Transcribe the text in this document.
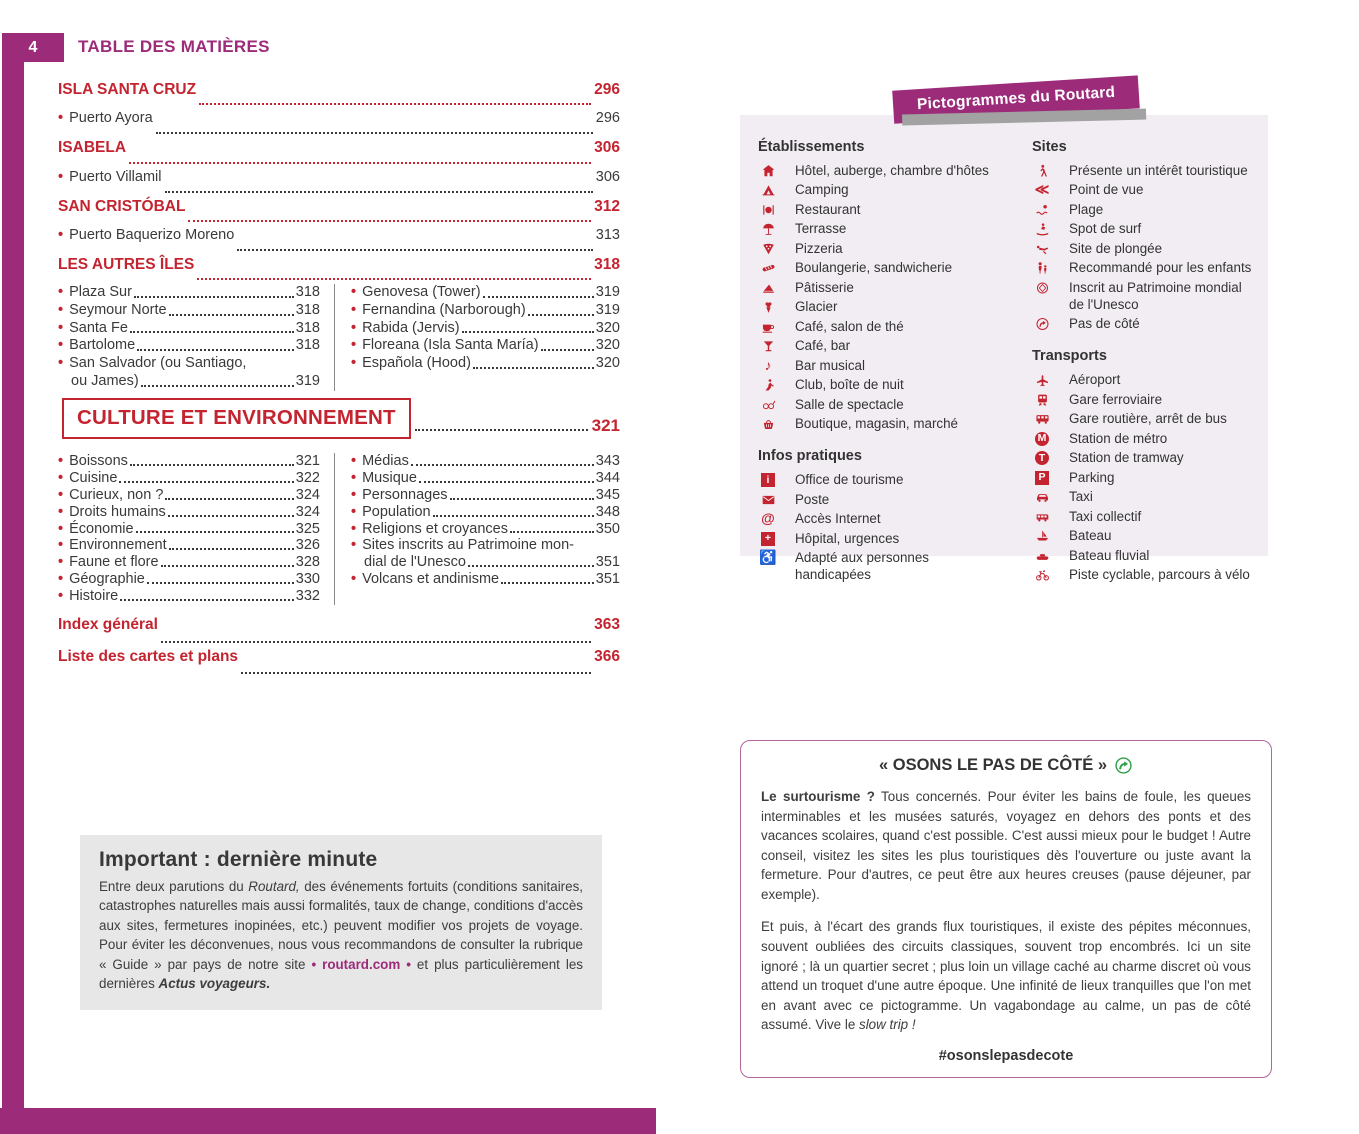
4	TABLE DES MATIÈRES
ISLA SANTA CRUZ	296
• Puerto Ayora	296
ISABELA	306
• Puerto Villamil	306
SAN CRISTÓBAL	312
• Puerto Baquerizo Moreno	313
LES AUTRES ÎLES	318
• Plaza Sur	318
• Seymour Norte	318
• Santa Fe	318
• Bartolome	318
• San Salvador (ou Santiago,
ou James)	319
• Genovesa (Tower)	319
• Fernandina (Narborough)	319
• Rabida (Jervis)	320
• Floreana (Isla Santa María)	320
• Española (Hood)	320
CULTURE ET ENVIRONNEMENT	321
• Boissons	321
• Cuisine	322
• Curieux, non ?	324
• Droits humains	324
• Économie	325
• Environnement	326
• Faune et flore	328
• Géographie	330
• Histoire	332
• Médias	343
• Musique	344
• Personnages	345
• Population	348
• Religions et croyances	350
• Sites inscrits au Patrimoine mon-
dial de l'Unesco	351
• Volcans et andinisme	351
Index général	363
Liste des cartes et plans	366
Important : dernière minute

Entre deux parutions du Routard, des événements fortuits (conditions sanitaires, catastrophes naturelles mais aussi formalités, taux de change, conditions d'accès aux sites, fermetures inopinées, etc.) peuvent modifier vos projets de voyage. Pour éviter les déconvenues, nous vous recommandons de consulter la rubrique « Guide » par pays de notre site • routard.com • et plus particulièrement les dernières Actus voyageurs.

Pictogrammes du Routard
Établissements
Hôtel, auberge, chambre d'hôtes
Camping
Restaurant
Terrasse
Pizzeria
Boulangerie, sandwicherie
Pâtisserie
Glacier
Café, salon de thé
Café, bar
♪ Bar musical
Club, boîte de nuit
Salle de spectacle
Boutique, magasin, marché
Infos pratiques
i	Office de tourisme
Poste
@ Accès Internet
+ Hôpital, urgences
♿ Adapté aux personnes
handicapées
Sites
Présente un intérêt touristique
≪ Point de vue
Plage
Spot de surf
Site de plongée
Recommandé pour les enfants
Inscrit au Patrimoine mondial
de l'Unesco
Pas de côté
Transports
Aéroport
Gare ferroviaire
Gare routière, arrêt de bus
M Station de métro
T Station de tramway
P Parking
Taxi
Taxi collectif
Bateau
Bateau fluvial
Piste cyclable, parcours à vélo
« OSONS LE PAS DE CÔTÉ »

Le surtourisme ? Tous concernés. Pour éviter les bains de foule, les queues interminables et les musées saturés, voyagez en dehors des ponts et des vacances scolaires, quand c'est possible. C'est aussi mieux pour le budget ! Autre conseil, visitez les sites les plus touristiques dès l'ouverture ou juste avant la fermeture. Pour d'autres, ce peut être aux heures creuses (pause déjeuner, par exemple).

Et puis, à l'écart des grands flux touristiques, il existe des pépites méconnues, souvent oubliées des circuits classiques, souvent trop encombrés. Ici un site ignoré ; là un quartier secret ; plus loin un village caché au charme discret où vous attend un troquet d'une autre époque. Une infinité de lieux tranquilles que l'on met en avant avec ce pictogramme. Un vagabondage au calme, un pas de côté assumé. Vive le slow trip !

#osonslepasdecote
